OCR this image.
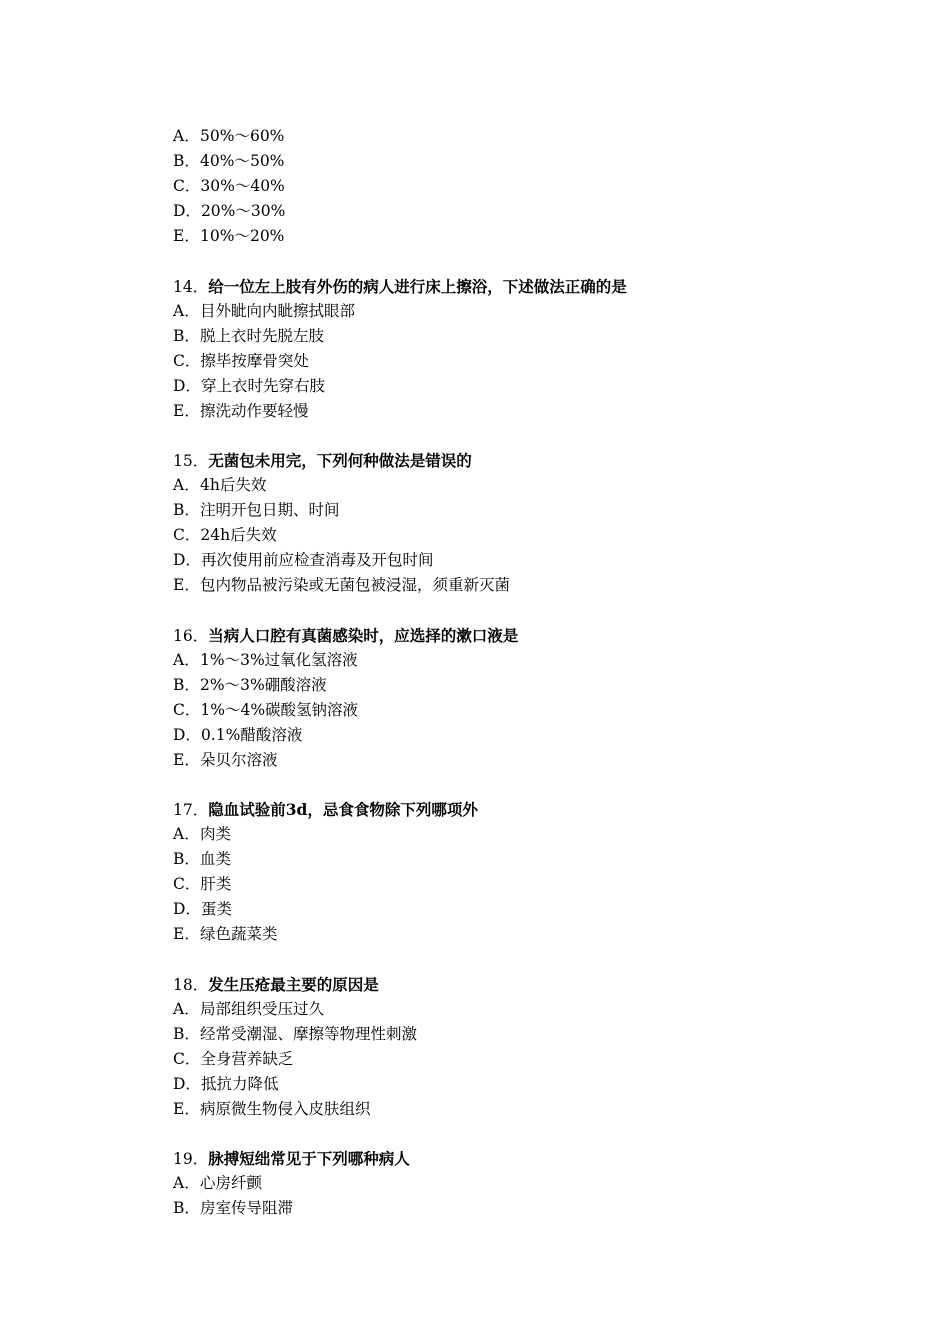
A．50%～60%
B．40%～50%
C．30%～40%
D．20%～30%
E．10%～20%
14．给一位左上肢有外伤的病人进行床上擦浴，下述做法正确的是
A．目外眦向内眦擦拭眼部
B．脱上衣时先脱左肢
C．擦毕按摩骨突处
D．穿上衣时先穿右肢
E．擦洗动作要轻慢
15．无菌包未用完，下列何种做法是错误的
A．4h后失效
B．注明开包日期、时间
C．24h后失效
D．再次使用前应检查消毒及开包时间
E．包内物品被污染或无菌包被浸湿，须重新灭菌
16．当病人口腔有真菌感染时，应选择的漱口液是
A．1%～3%过氧化氢溶液
B．2%～3%硼酸溶液
C．1%～4%碳酸氢钠溶液
D．0.1%醋酸溶液
E．朵贝尔溶液
17．隐血试验前3d，忌食食物除下列哪项外
A．肉类
B．血类
C．肝类
D．蛋类
E．绿色蔬菜类
18．发生压疮最主要的原因是
A．局部组织受压过久
B．经常受潮湿、摩擦等物理性刺激
C．全身营养缺乏
D．抵抗力降低
E．病原微生物侵入皮肤组织
19．脉搏短绌常见于下列哪种病人
A．心房纤颤
B．房室传导阻滞
